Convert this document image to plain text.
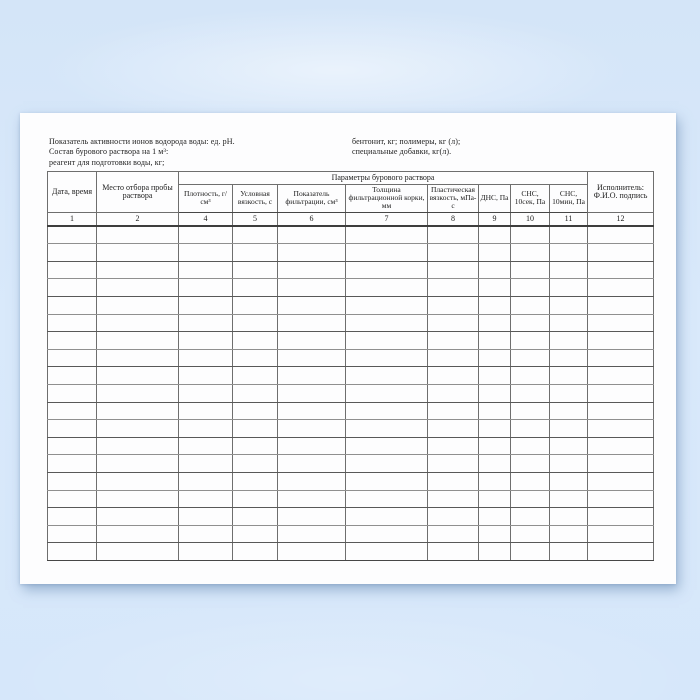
Показатель активности ионов водорода воды: ед. pH.
Состав бурового раствора на 1 м³:
реагент для подготовки воды, кг;
бентонит, кг; полимеры, кг (л);
специальные добавки, кг(л).
Дата, время	Место отбора пробы раствора	Параметры бурового раствора								Исполнитель: Ф.И.О. подпись
		Плотность, г/см³	Условная вязкость, с	Показатель фильтрации, см³	Толщина фильтрационной корки, мм	Пластическая вязкость, мПа-с	ДНС, Па	СНС, 10сек, Па	СНС, 10мин, Па	
1	2	4	5	6	7	8	9	10	11	12
